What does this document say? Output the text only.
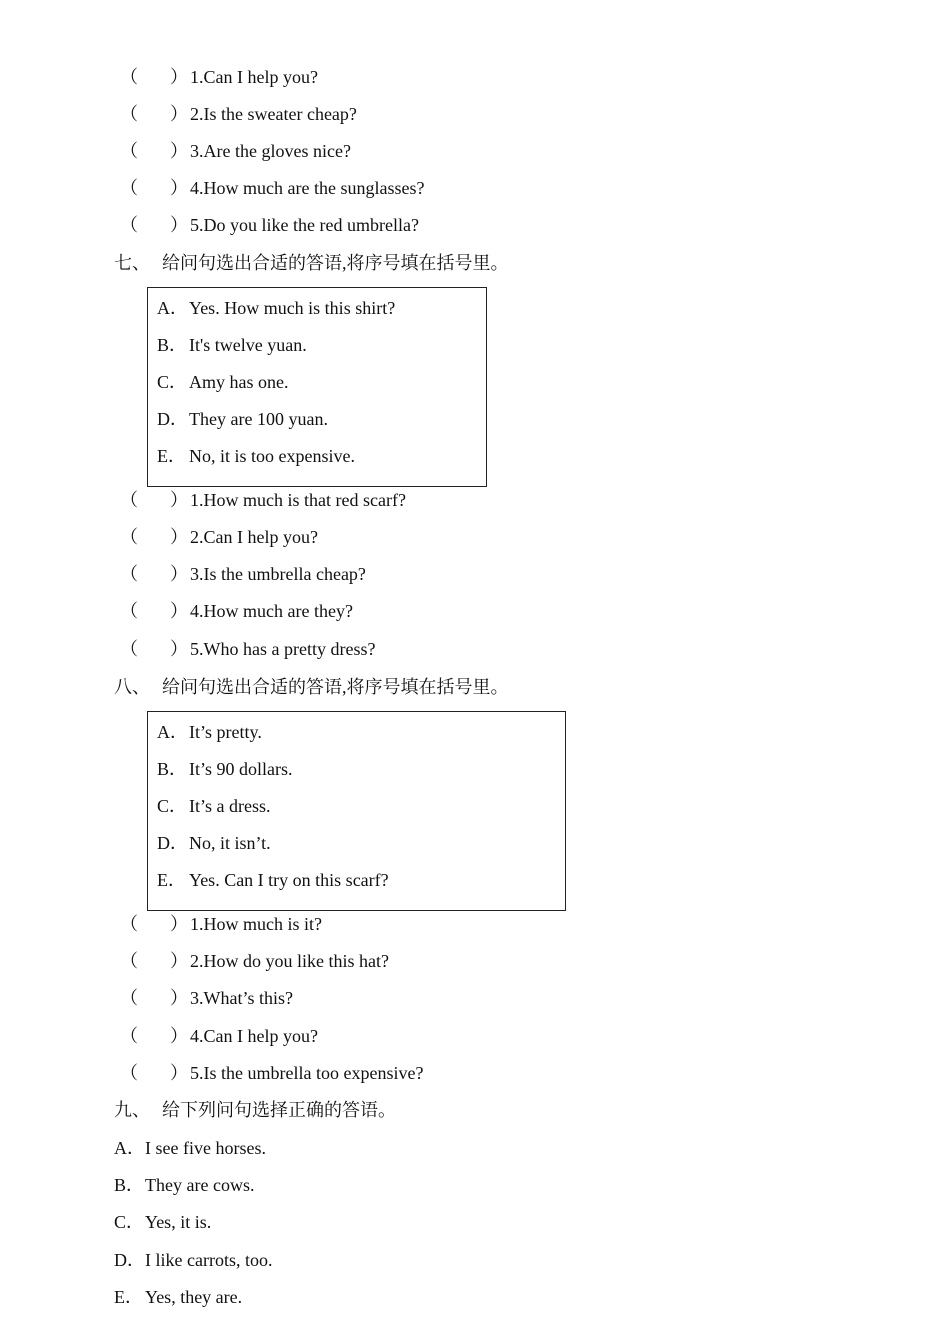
（ ） 1.Can I help you?
（ ） 2.Is the sweater cheap?
（ ） 3.Are the gloves nice?
（ ） 4.How much are the sunglasses?
（ ） 5.Do you like the red umbrella?
七、 给问句选出合适的答语,将序号填在括号里。
A．Yes. How much is this shirt?
B． It's twelve yuan.
C． Amy has one.
D．They are 100 yuan.
E． No, it is too expensive.
（ ） 1.How much is that red scarf?
（ ） 2.Can I help you?
（ ） 3.Is the umbrella cheap?
（ ） 4.How much are they?
（ ） 5.Who has a pretty dress?
八、 给问句选出合适的答语,将序号填在括号里。
A．It’s pretty.
B． It’s 90 dollars.
C． It’s a dress.
D．No, it isn’t.
E． Yes. Can I try on this scarf?
（ ） 1.How much is it?
（ ） 2.How do you like this hat?
（ ） 3.What’s this?
（ ） 4.Can I help you?
（ ） 5.Is the umbrella too expensive?
九、 给下列问句选择正确的答语。
A．I see five horses.
B．They are cows.
C．Yes, it is.
D．I like carrots, too.
E． Yes, they are.
